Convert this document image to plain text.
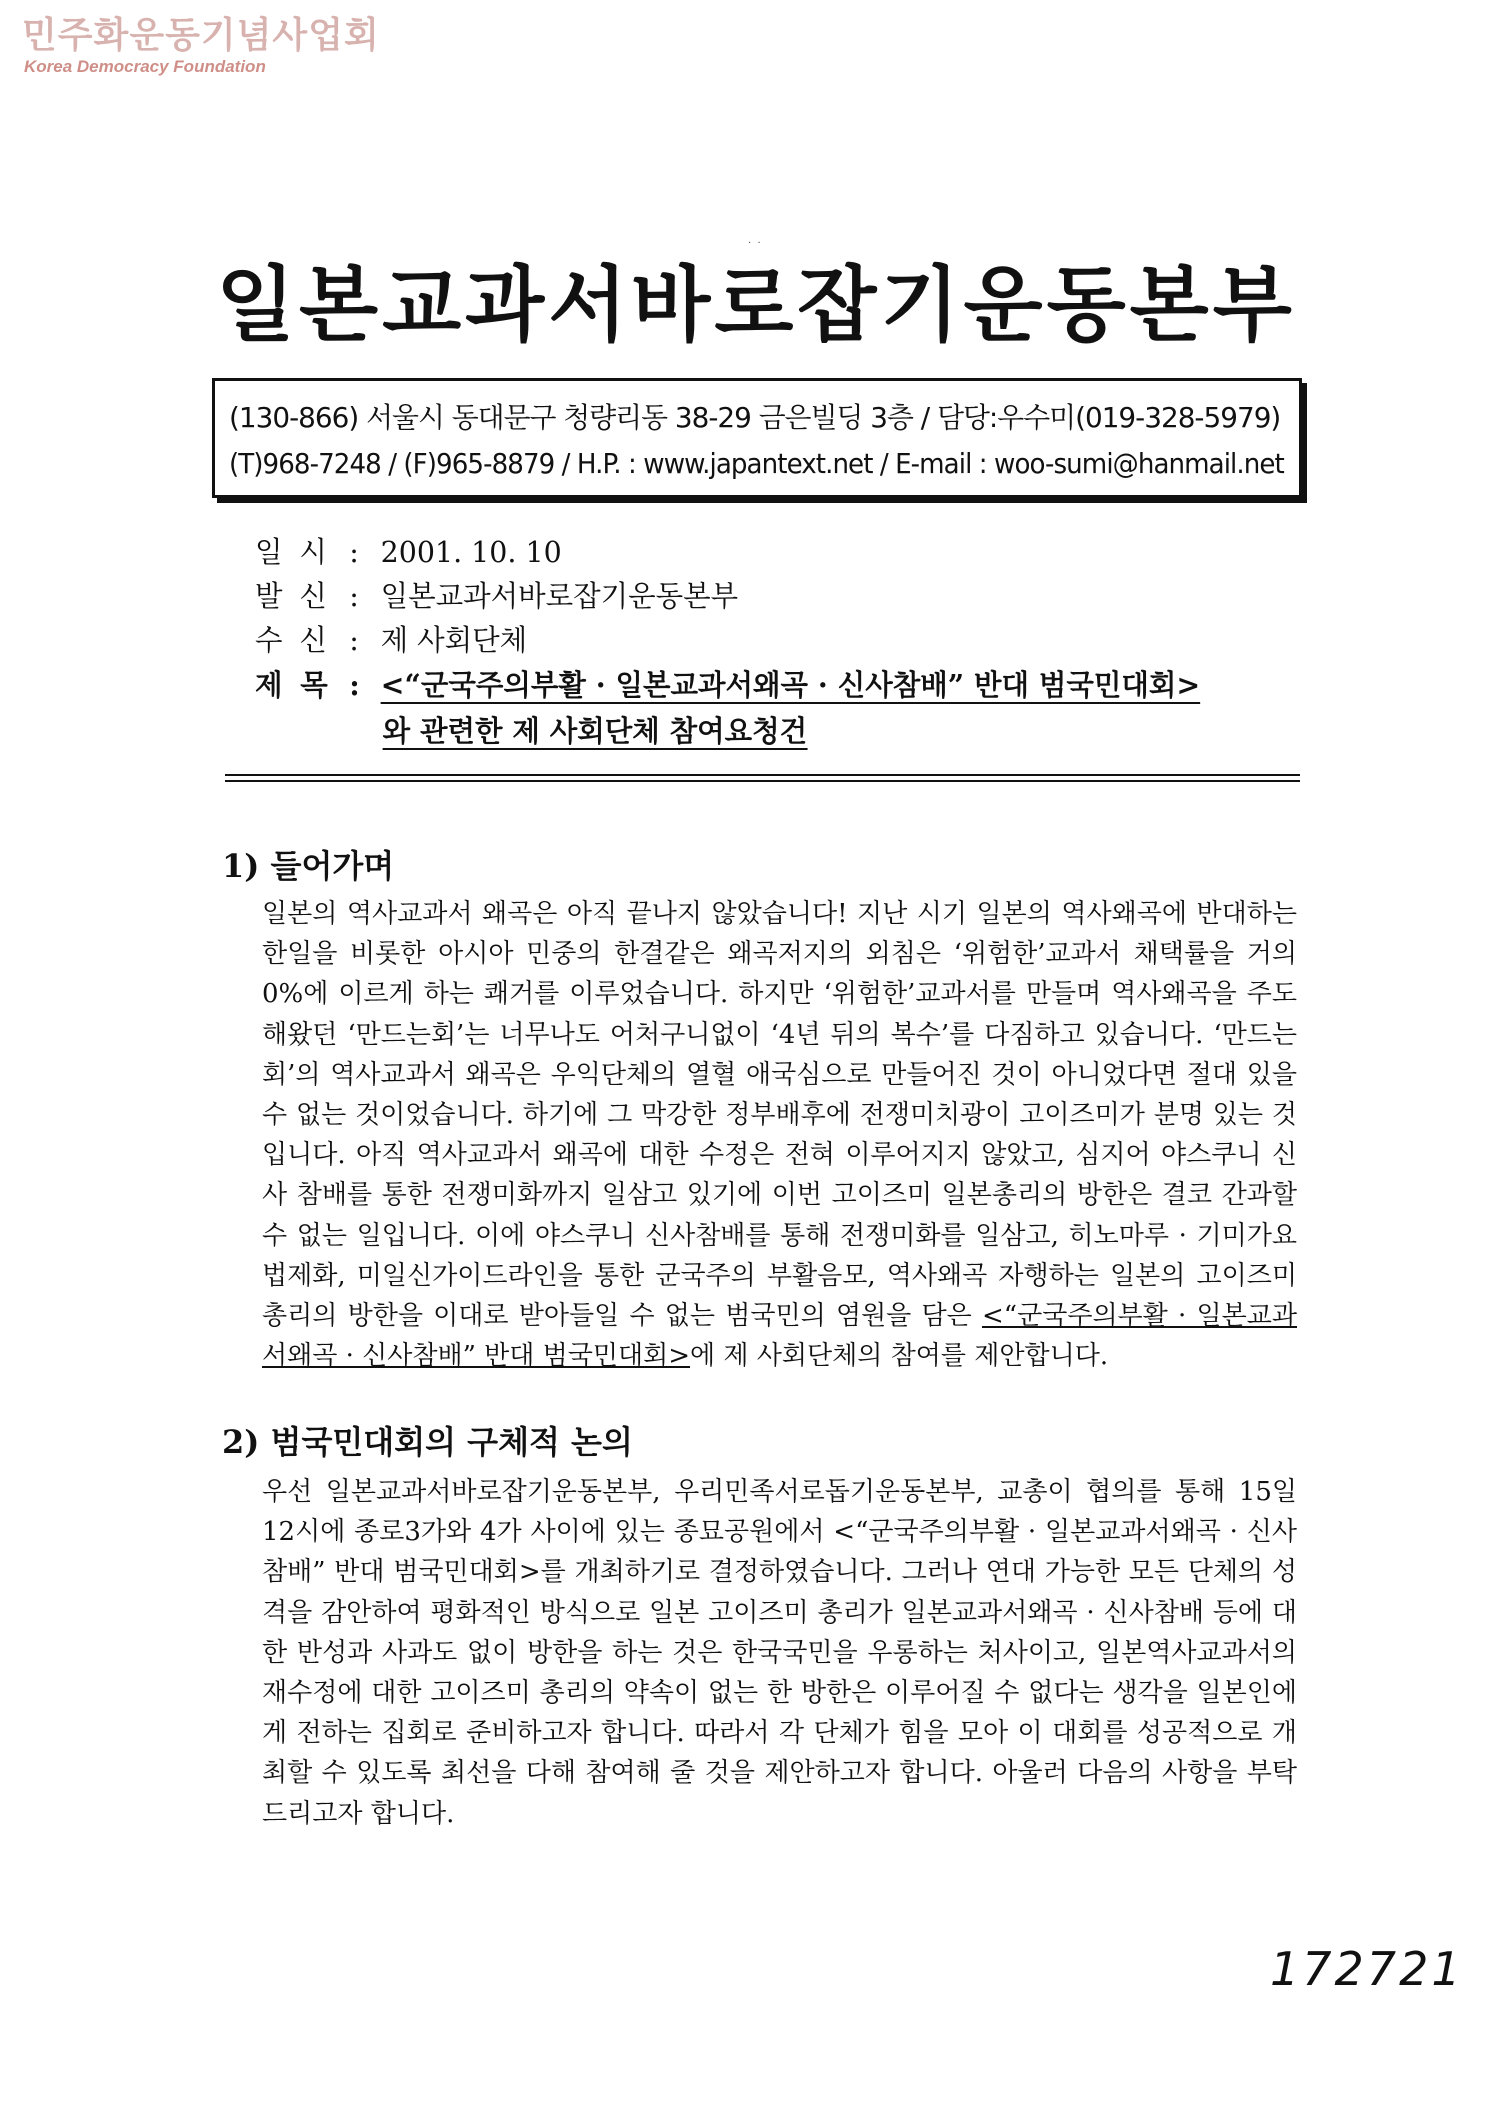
민주화운동기념사업회
Korea Democracy Foundation
·  ·
일본교과서바로잡기운동본부
(130-866) 서울시 동대문구 청량리동 38-29 금은빌딩 3층 / 담당:우수미(019-328-5979)
(T)968-7248 / (F)965-8879 / H.P. : www.japantext.net / E-mail : woo-sumi@hanmail.net
일 시 : 2001. 10. 10
발 신 : 일본교과서바로잡기운동본부
수 신 : 제 사회단체
제 목 : <“군국주의부활 · 일본교과서왜곡 · 신사참배” 반대 범국민대회>
와 관련한 제 사회단체 참여요청건
1) 들어가며
일본의 역사교과서 왜곡은 아직 끝나지 않았습니다! 지난 시기 일본의 역사왜곡에 반대하는 한일을 비롯한 아시아 민중의 한결같은 왜곡저지의 외침은 ‘위험한’교과서 채택률을 거의 0%에 이르게 하는 쾌거를 이루었습니다. 하지만 ‘위험한’교과서를 만들며 역사왜곡을 주도해왔던 ‘만드는회’는 너무나도 어처구니없이 ‘4년 뒤의 복수’를 다짐하고 있습니다. ‘만드는회’의 역사교과서 왜곡은 우익단체의 열혈 애국심으로 만들어진 것이 아니었다면 절대 있을 수 없는 것이었습니다. 하기에 그 막강한 정부배후에 전쟁미치광이 고이즈미가 분명 있는 것입니다. 아직 역사교과서 왜곡에 대한 수정은 전혀 이루어지지 않았고, 심지어 야스쿠니 신사 참배를 통한 전쟁미화까지 일삼고 있기에 이번 고이즈미 일본총리의 방한은 결코 간과할 수 없는 일입니다. 이에 야스쿠니 신사참배를 통해 전쟁미화를 일삼고, 히노마루 · 기미가요 법제화, 미일신가이드라인을 통한 군국주의 부활음모, 역사왜곡 자행하는 일본의 고이즈미 총리의 방한을 이대로 받아들일 수 없는 범국민의 염원을 담은 <“군국주의부활 · 일본교과서왜곡 · 신사참배” 반대 범국민대회>에 제 사회단체의 참여를 제안합니다.
2) 범국민대회의 구체적 논의
우선 일본교과서바로잡기운동본부, 우리민족서로돕기운동본부, 교총이 협의를 통해 15일 12시에 종로3가와 4가 사이에 있는 종묘공원에서 <“군국주의부활 · 일본교과서왜곡 · 신사참배” 반대 범국민대회>를 개최하기로 결정하였습니다. 그러나 연대 가능한 모든 단체의 성격을 감안하여 평화적인 방식으로 일본 고이즈미 총리가 일본교과서왜곡 · 신사참배 등에 대한 반성과 사과도 없이 방한을 하는 것은 한국국민을 우롱하는 처사이고, 일본역사교과서의 재수정에 대한 고이즈미 총리의 약속이 없는 한 방한은 이루어질 수 없다는 생각을 일본인에게 전하는 집회로 준비하고자 합니다. 따라서 각 단체가 힘을 모아 이 대회를 성공적으로 개최할 수 있도록 최선을 다해 참여해 줄 것을 제안하고자 합니다. 아울러 다음의 사항을 부탁드리고자 합니다.
172721
